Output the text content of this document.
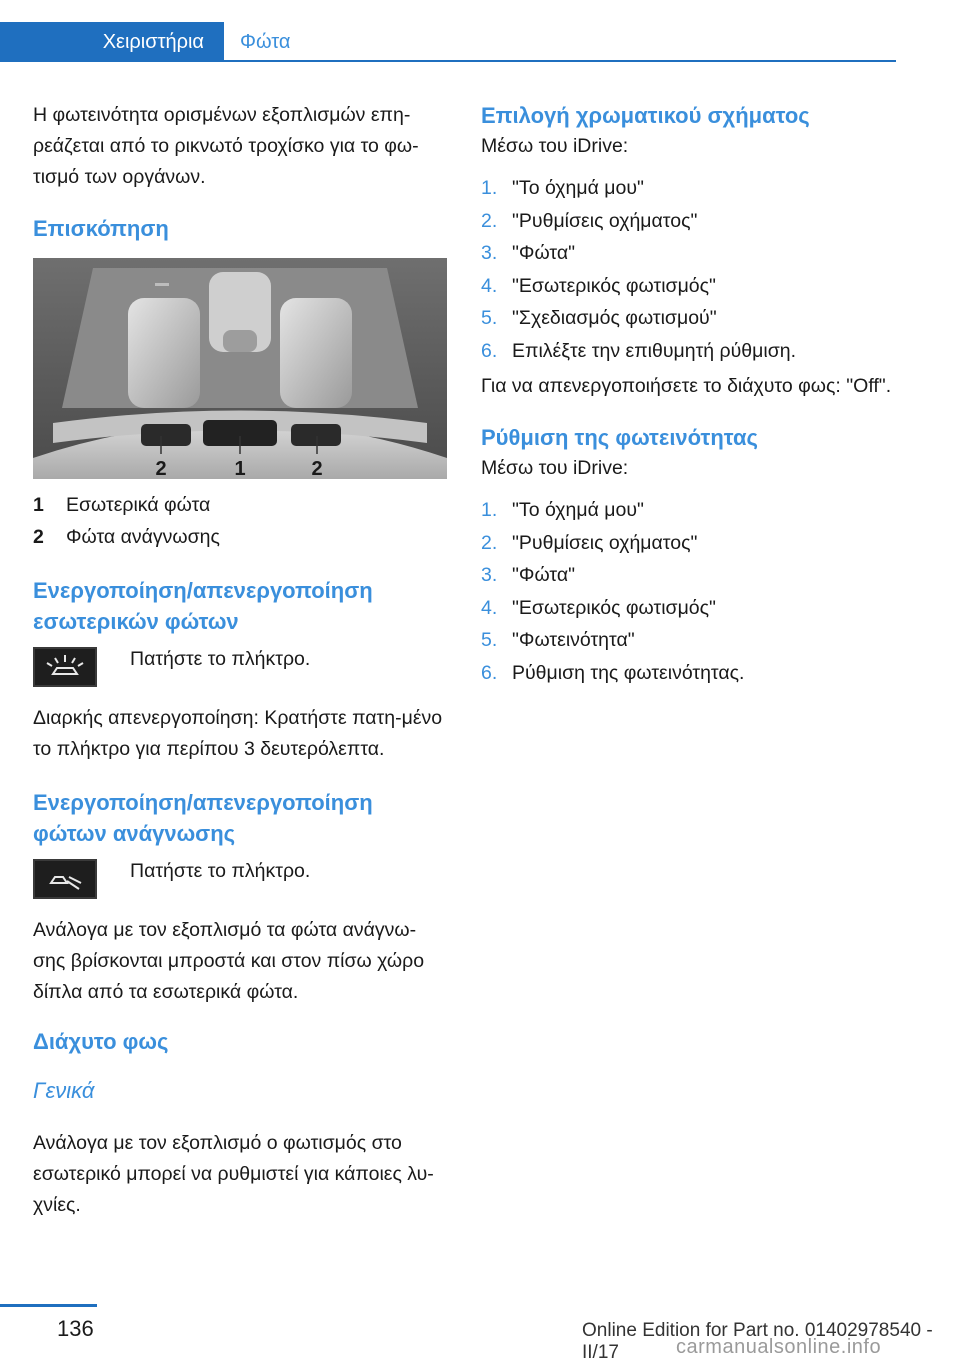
Χειριστήρια	Φώτα

Η φωτεινότητα ορισμένων εξοπλισμών επη-ρεάζεται από το ρικνωτό τροχίσκο για το φω-τισμό των οργάνων.

Επισκόπηση
2	1	2
1	Εσωτερικά φώτα
2	Φώτα ανάγνωσης
Ενεργοποίηση/απενεργοποίηση εσωτερικών φώτων
Πατήστε το πλήκτρο.

Διαρκής απενεργοποίηση: Κρατήστε πατη-μένο το πλήκτρο για περίπου 3 δευτερόλεπτα.

Ενεργοποίηση/απενεργοποίηση φώτων ανάγνωσης
Πατήστε το πλήκτρο.

Ανάλογα με τον εξοπλισμό τα φώτα ανάγνω-σης βρίσκονται μπροστά και στον πίσω χώρο δίπλα από τα εσωτερικά φώτα.

Διάχυτο φως
Γενικά

Ανάλογα με τον εξοπλισμό ο φωτισμός στο εσωτερικό μπορεί να ρυθμιστεί για κάποιες λυ-χνίες.

Επιλογή χρωματικού σχήματος

Μέσω του iDrive:

1. "Το όχημά μου"
2. "Ρυθμίσεις οχήματος"
3. "Φώτα"
4. "Εσωτερικός φωτισμός"
5. "Σχεδιασμός φωτισμού"
6. Επιλέξτε την επιθυμητή ρύθμιση.

Για να απενεργοποιήσετε το διάχυτο φως: "Off".

Ρύθμιση της φωτεινότητας

Μέσω του iDrive:

1. "Το όχημά μου"
2. "Ρυθμίσεις οχήματος"
3. "Φώτα"
4. "Εσωτερικός φωτισμός"
5. "Φωτεινότητα"
6. Ρύθμιση της φωτεινότητας.
136	Online Edition for Part no. 01402978540 - II/17	carmanualsonline.info
